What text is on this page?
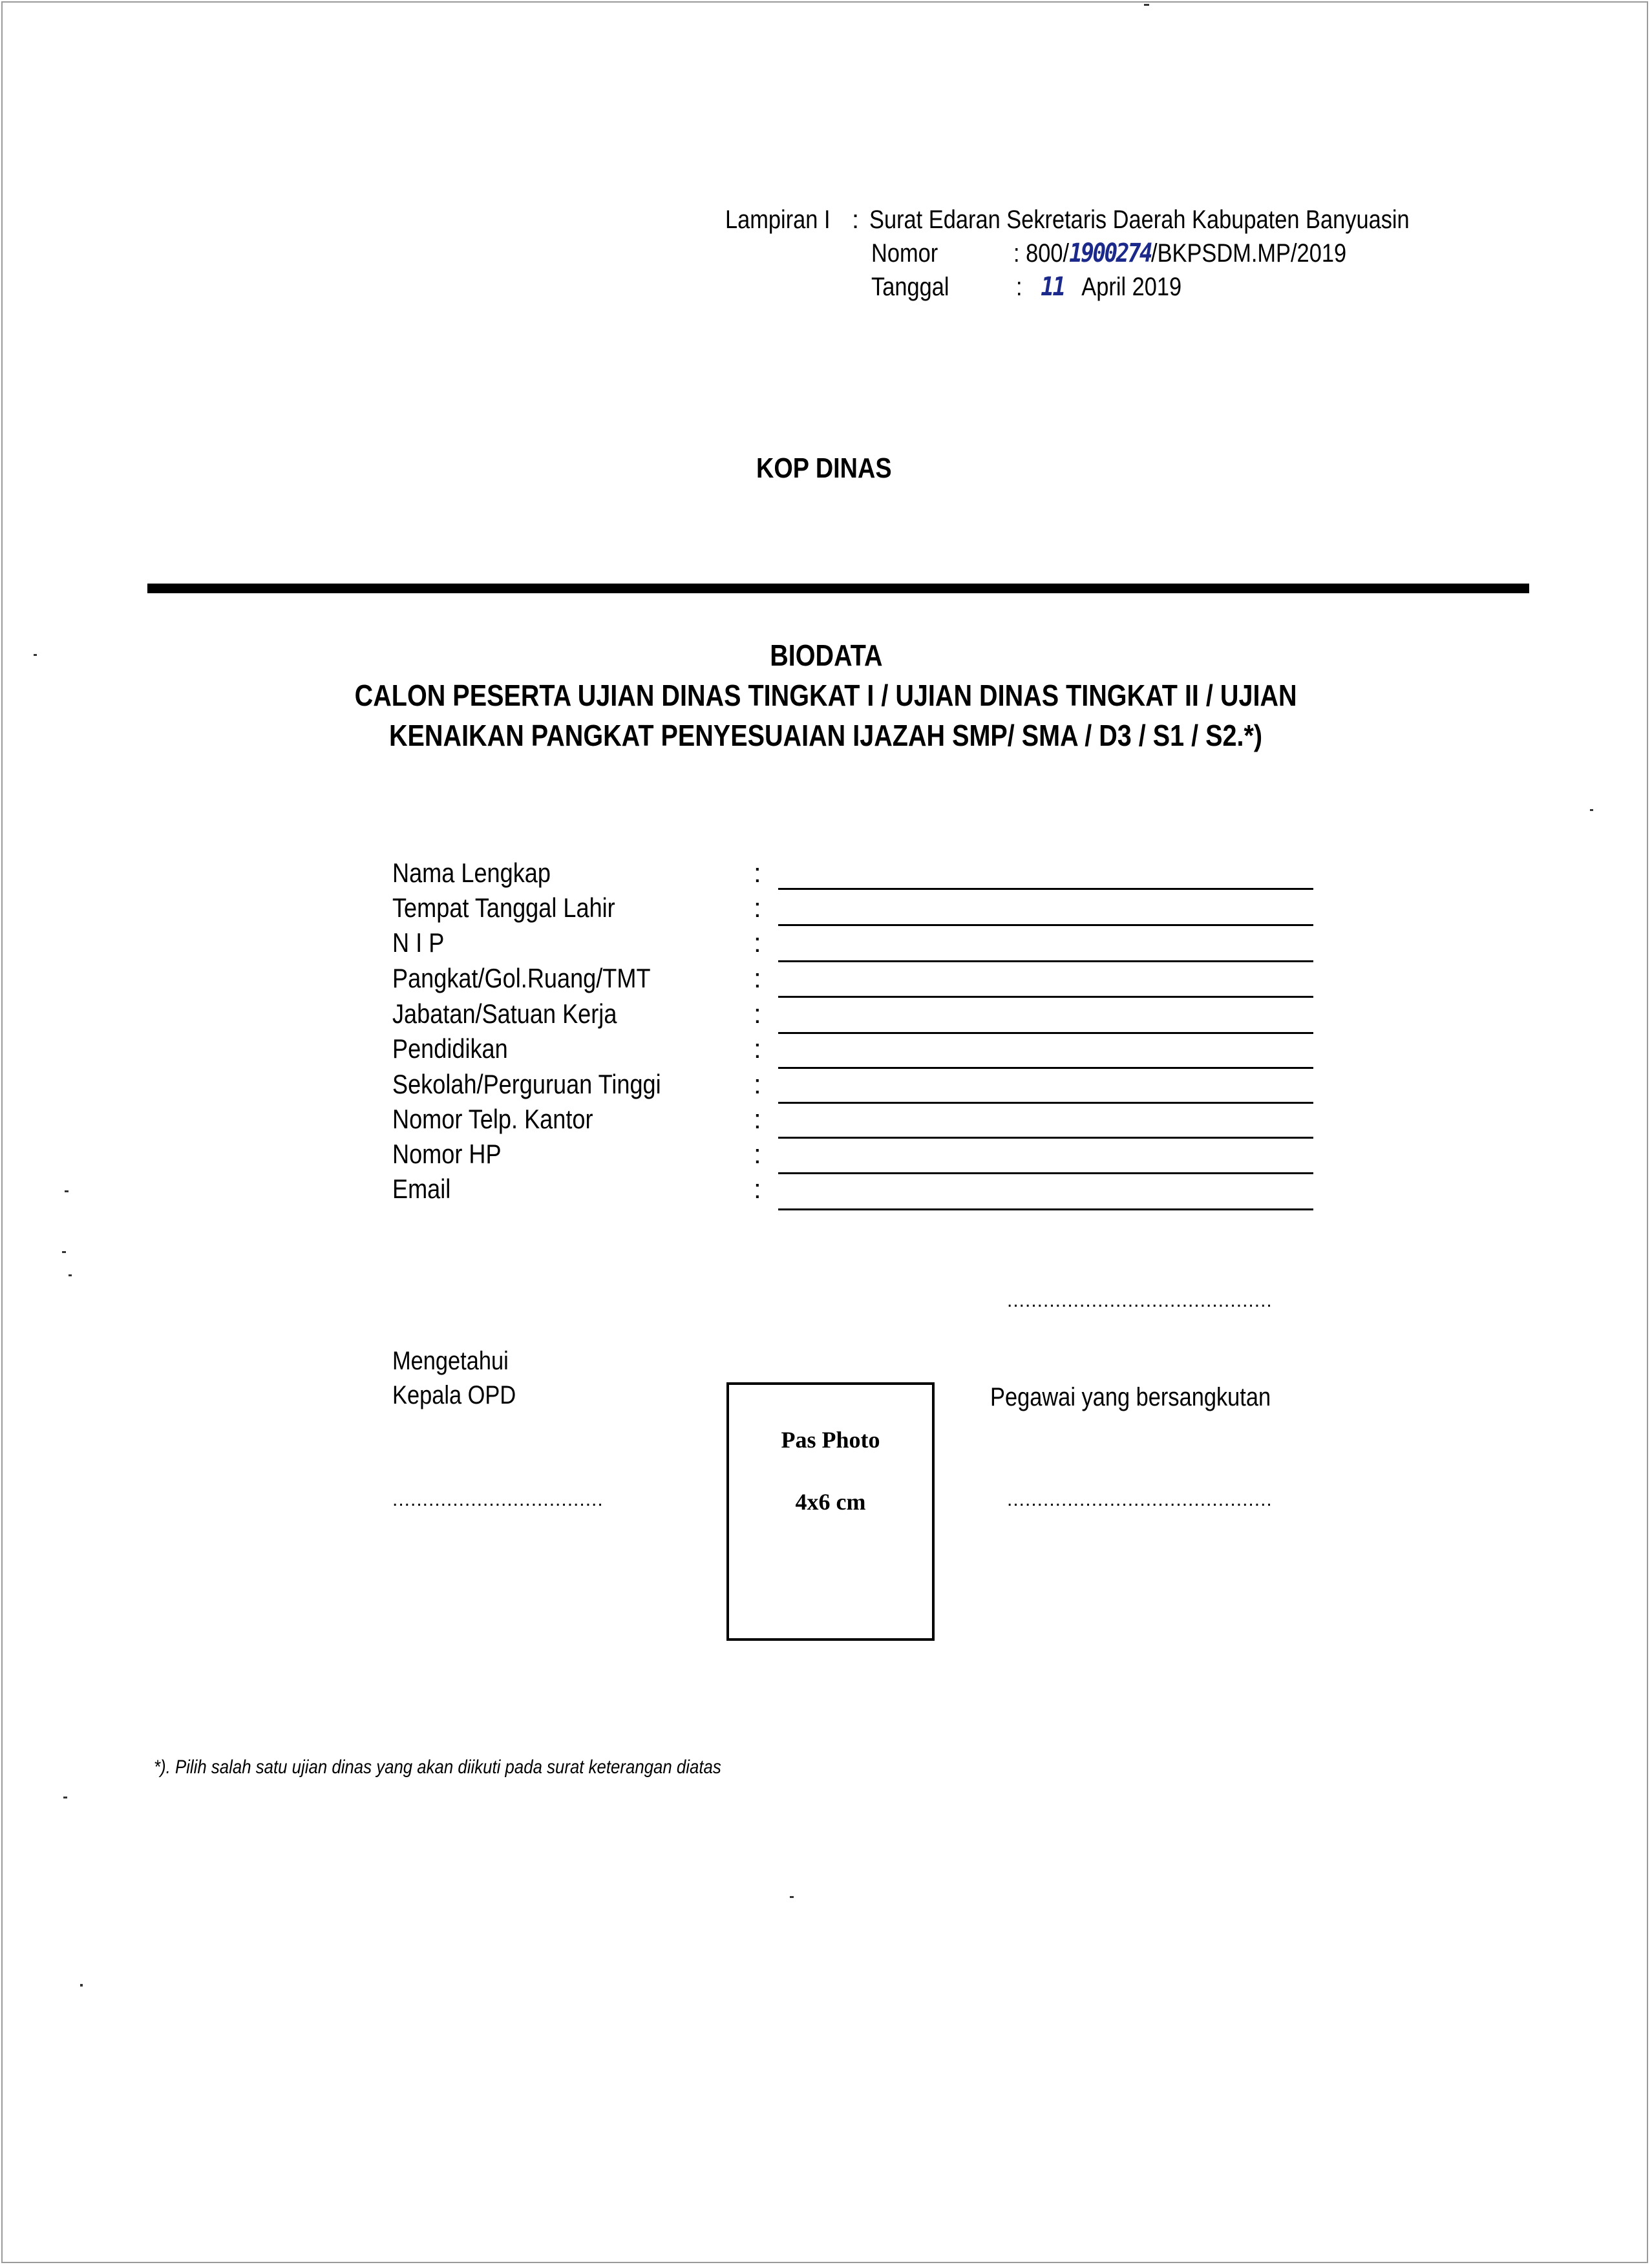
Lampiran I : Surat Edaran Sekretaris Daerah Kabupaten Banyuasin
Nomor	: 800/1900274/BKPSDM.MP/2019
Tanggal	: 11 April 2019
KOP DINAS
BIODATA
CALON PESERTA UJIAN DINAS TINGKAT I / UJIAN DINAS TINGKAT II / UJIAN
KENAIKAN PANGKAT PENYESUAIAN IJAZAH SMP/ SMA / D3 / S1 / S2.*)
Nama Lengkap	:
Tempat Tanggal Lahir	:
N I P	:
Pangkat/Gol.Ruang/TMT	:
Jabatan/Satuan Kerja	:
Pendidikan	:
Sekolah/Perguruan Tinggi	:
Nomor Telp. Kantor	:
Nomor HP	:
Email	:
............................................
Mengetahui
Kepala OPD
...................................
Pegawai yang bersangkutan
............................................
Pas Photo
4x6 cm
*). Pilih salah satu ujian dinas yang akan diikuti pada surat keterangan diatas
